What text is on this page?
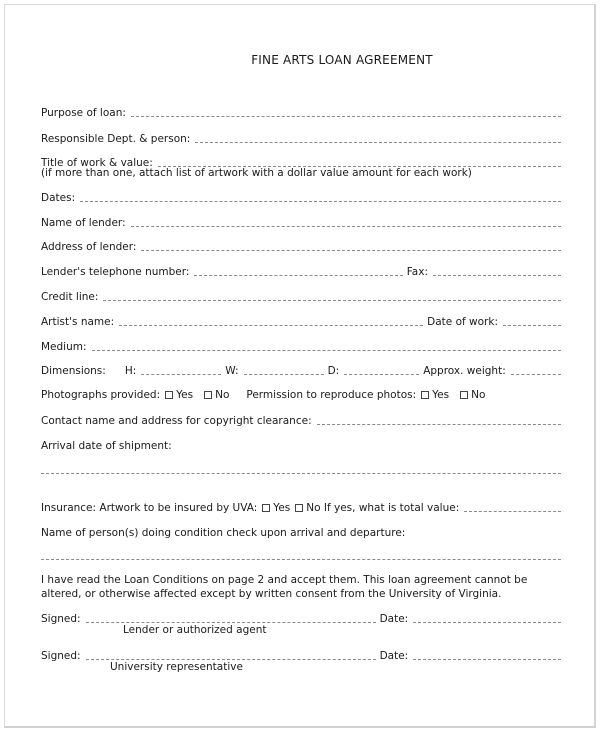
FINE ARTS LOAN AGREEMENT
Purpose of loan:
Responsible Dept. & person:
Title of work & value:
(if more than one, attach list of artwork with a dollar value amount for each work)
Dates:
Name of lender:
Address of lender:
Lender's telephone number:	Fax:
Credit line:
Artist's name:	Date of work:
Medium:
Dimensions: H:	W:	D:	Approx. weight:
Photographs provided:	Yes	No Permission to reproduce photos:	Yes	No
Contact name and address for copyright clearance:
Arrival date of shipment:
Insurance: Artwork to be insured by UVA:	Yes	No If yes, what is total value:
Name of person(s) doing condition check upon arrival and departure:
I have read the Loan Conditions on page 2 and accept them. This loan agreement cannot be altered, or otherwise affected except by written consent from the University of Virginia.
Signed:	Date:
Lender or authorized agent
Signed:	Date:
University representative
